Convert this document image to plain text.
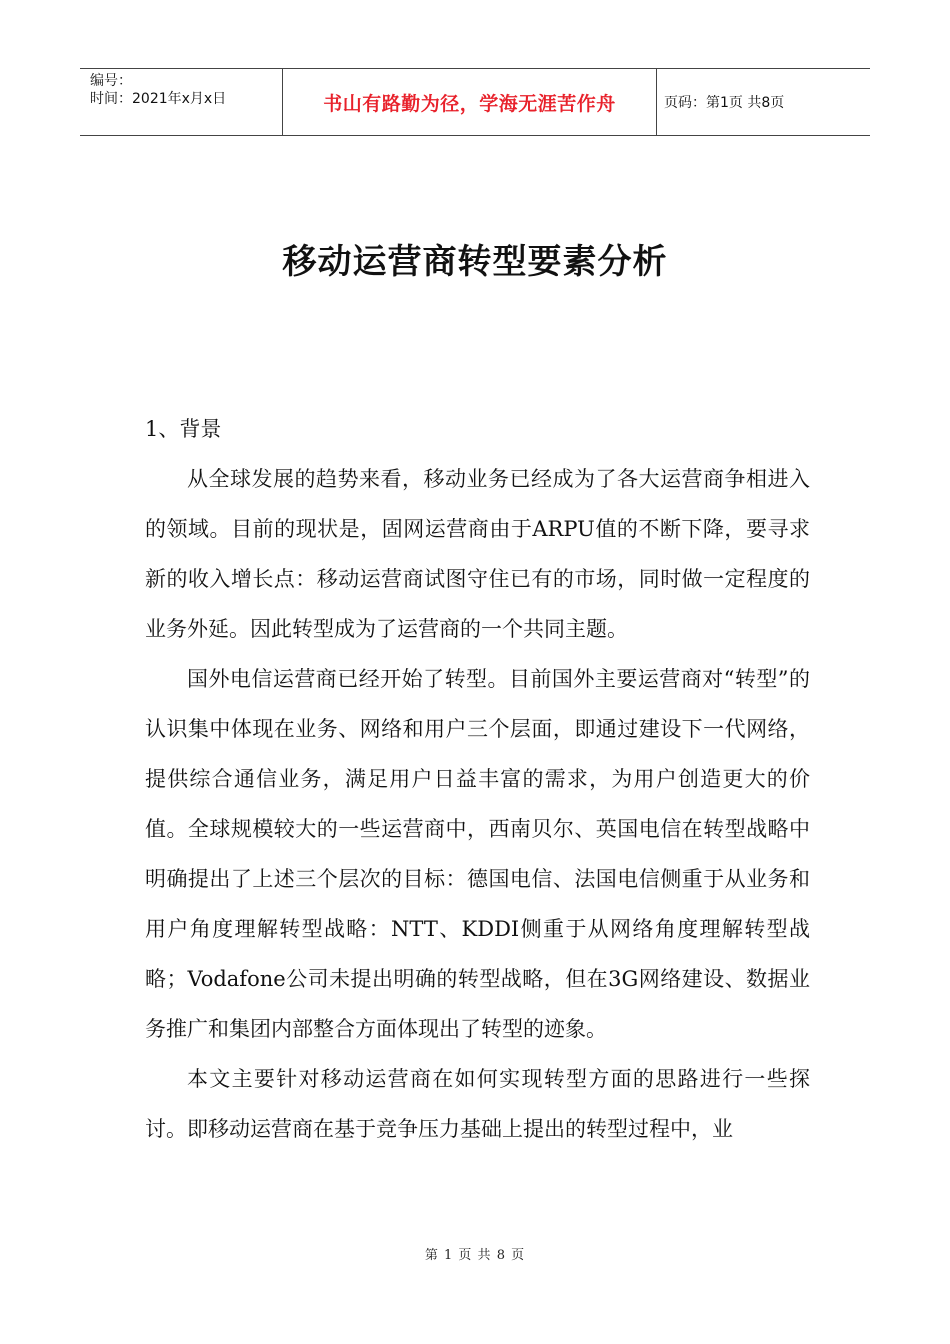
编号：
时间：2021年x月x日	书山有路勤为径，学海无涯苦作舟	页码：第1页 共8页
移动运营商转型要素分析

1、背景

从全球发展的趋势来看，移动业务已经成为了各大运营商争相进入的领域。目前的现状是，固网运营商由于ARPU值的不断下降，要寻求新的收入增长点：移动运营商试图守住已有的市场，同时做一定程度的业务外延。因此转型成为了运营商的一个共同主题。

国外电信运营商已经开始了转型。目前国外主要运营商对“转型”的认识集中体现在业务、网络和用户三个层面，即通过建设下一代网络，提供综合通信业务，满足用户日益丰富的需求，为用户创造更大的价值。全球规模较大的一些运营商中，西南贝尔、英国电信在转型战略中明确提出了上述三个层次的目标：德国电信、法国电信侧重于从业务和用户角度理解转型战略：NTT、KDDI侧重于从网络角度理解转型战略；Vodafone公司未提出明确的转型战略，但在3G网络建设、数据业务推广和集团内部整合方面体现出了转型的迹象。

本文主要针对移动运营商在如何实现转型方面的思路进行一些探讨。即移动运营商在基于竞争压力基础上提出的转型过程中，业

第 1 页 共 8 页
